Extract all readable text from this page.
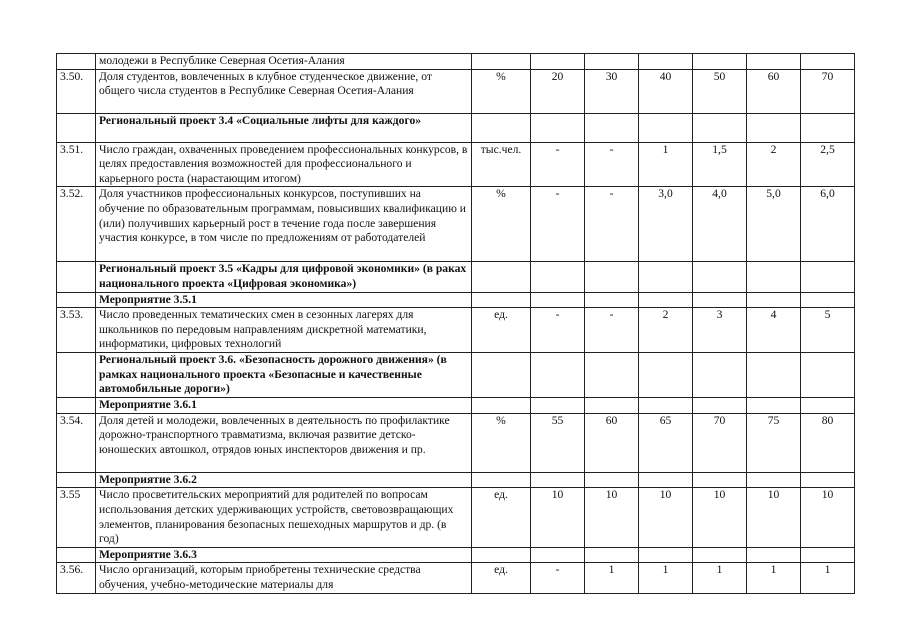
	молодежи в Республике Северная Осетия-Алания							
3.50.	Доля студентов, вовлеченных в клубное студенческое движение, от общего числа студентов в Республике Северная Осетия-Алания	%	20	30	40	50	60	70
	Региональный проект 3.4 «Социальные лифты для каждого»							
3.51.	Число граждан, охваченных проведением профессиональных конкурсов, в целях предоставления возможностей для профессионального и карьерного роста (нарастающим итогом)	тыс.чел.	-	-	1	1,5	2	2,5
3.52.	Доля участников профессиональных конкурсов, поступивших на обучение по образовательным программам, повысивших квалификацию и (или) получивших карьерный рост в течение года после завершения участия конкурсе, в том числе по предложениям от работодателей	%	-	-	3,0	4,0	5,0	6,0
	Региональный проект 3.5 «Кадры для цифровой экономики» (в раках национального проекта «Цифровая экономика»)							
	Мероприятие 3.5.1							
3.53.	Число проведенных тематических смен в сезонных лагерях для школьников по передовым направлениям дискретной математики, информатики, цифровых технологий	ед.	-	-	2	3	4	5
	Региональный проект 3.6. «Безопасность дорожного движения» (в рамках национального проекта «Безопасные и качественные автомобильные дороги»)							
	Мероприятие 3.6.1							
3.54.	Доля детей и молодежи, вовлеченных в деятельность по профилактике дорожно-транспортного травматизма, включая развитие детско-юношеских автошкол, отрядов юных инспекторов движения и пр.	%	55	60	65	70	75	80
	Мероприятие 3.6.2							
3.55	Число просветительских мероприятий для родителей по вопросам использования детских удерживающих устройств, световозвращающих элементов, планирования безопасных пешеходных маршрутов и др. (в год)	ед.	10	10	10	10	10	10
	Мероприятие 3.6.3							
3.56.	Число организаций, которым приобретены технические средства обучения, учебно-методические материалы для	ед.	-	1	1	1	1	1
